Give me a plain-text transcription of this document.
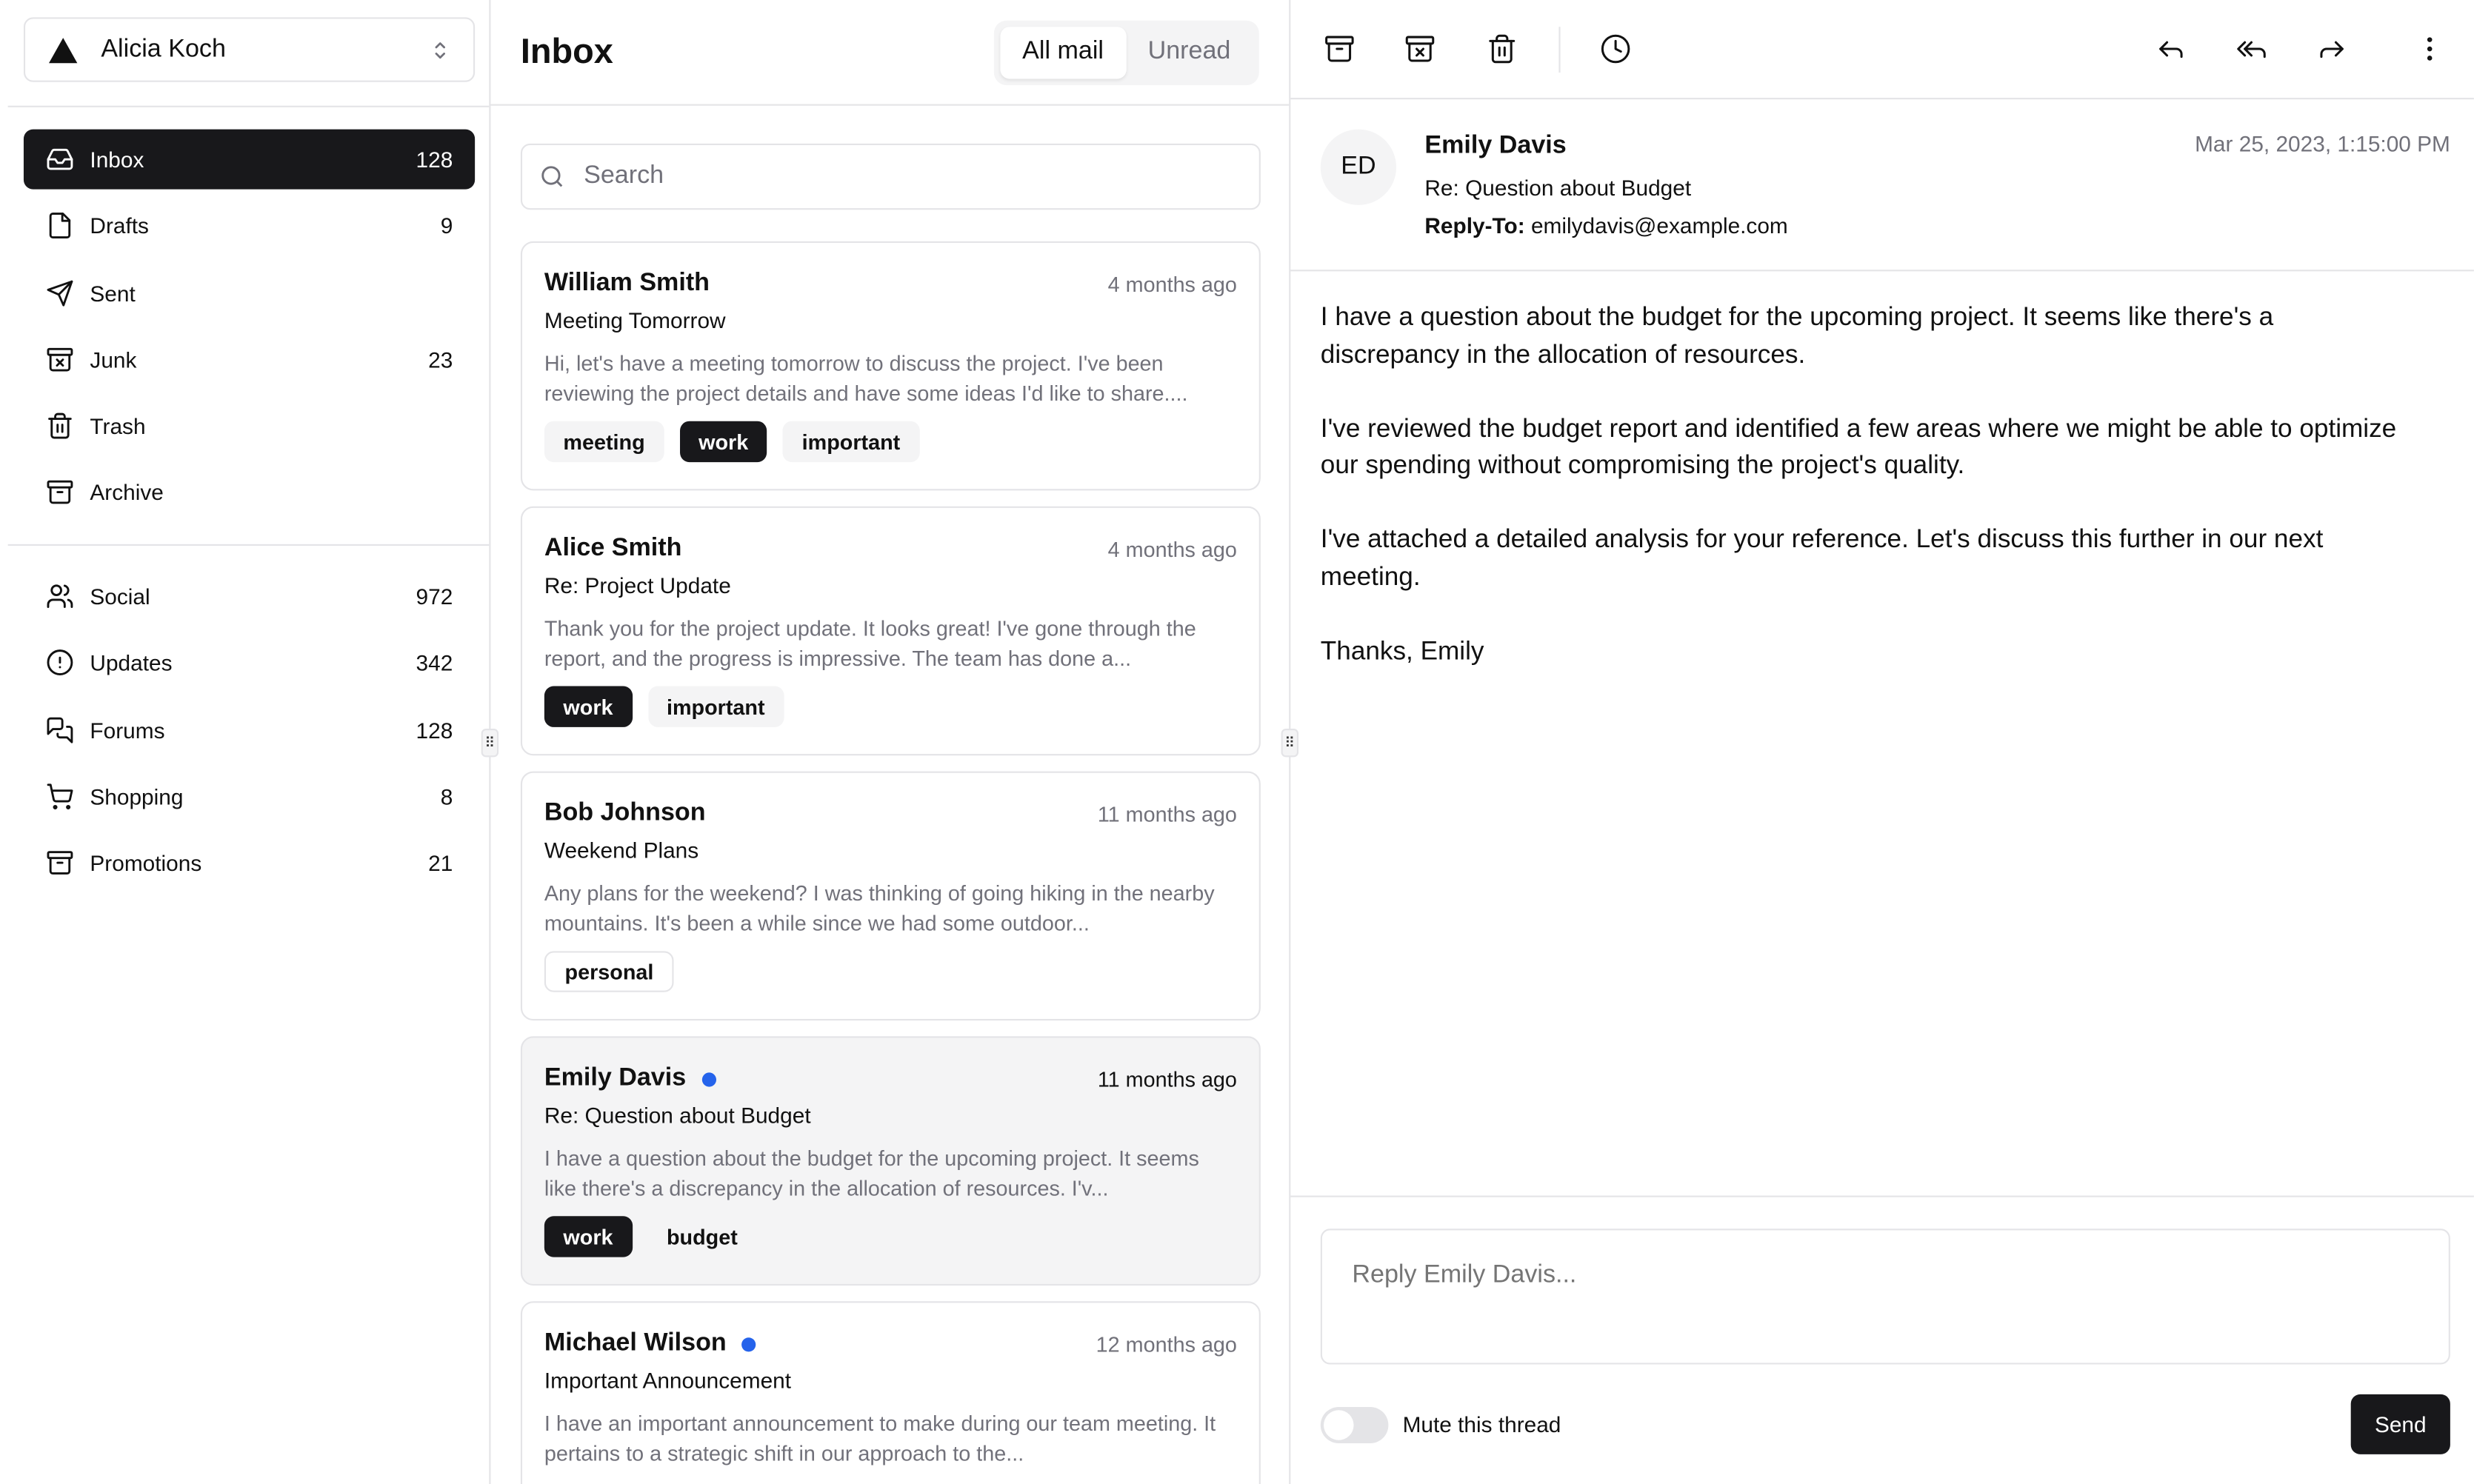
Alicia Koch
Inbox	128
Drafts	9
Sent
Junk	23
Trash
Archive
Social	972
Updates	342
Forums	128
Shopping	8
Promotions	21
⠿
Inbox	All mail	Unread
Search
William Smith	4 months ago
Meeting Tomorrow
Hi, let's have a meeting tomorrow to discuss the project. I've been reviewing the project details and have some ideas I'd like to share....
meeting	work	important
Alice Smith	4 months ago
Re: Project Update
Thank you for the project update. It looks great! I've gone through the report, and the progress is impressive. The team has done a...
work	important
Bob Johnson	11 months ago
Weekend Plans
Any plans for the weekend? I was thinking of going hiking in the nearby mountains. It's been a while since we had some outdoor...
personal
Emily Davis	11 months ago
Re: Question about Budget
I have a question about the budget for the upcoming project. It seems like there's a discrepancy in the allocation of resources. I'v...
work	budget
Michael Wilson	12 months ago
Important Announcement
I have an important announcement to make during our team meeting. It pertains to a strategic shift in our approach to the...
⠿
ED
Emily Davis
Re: Question about Budget
Reply-To: emilydavis@example.com
Mar 25, 2023, 1:15:00 PM

I have a question about the budget for the upcoming project. It seems like there's a
discrepancy in the allocation of resources.

I've reviewed the budget report and identified a few areas where we might be able to optimize
our spending without compromising the project's quality.

I've attached a detailed analysis for your reference. Let's discuss this further in our next
meeting.

Thanks, Emily

Reply Emily Davis...
Mute this thread	Send
